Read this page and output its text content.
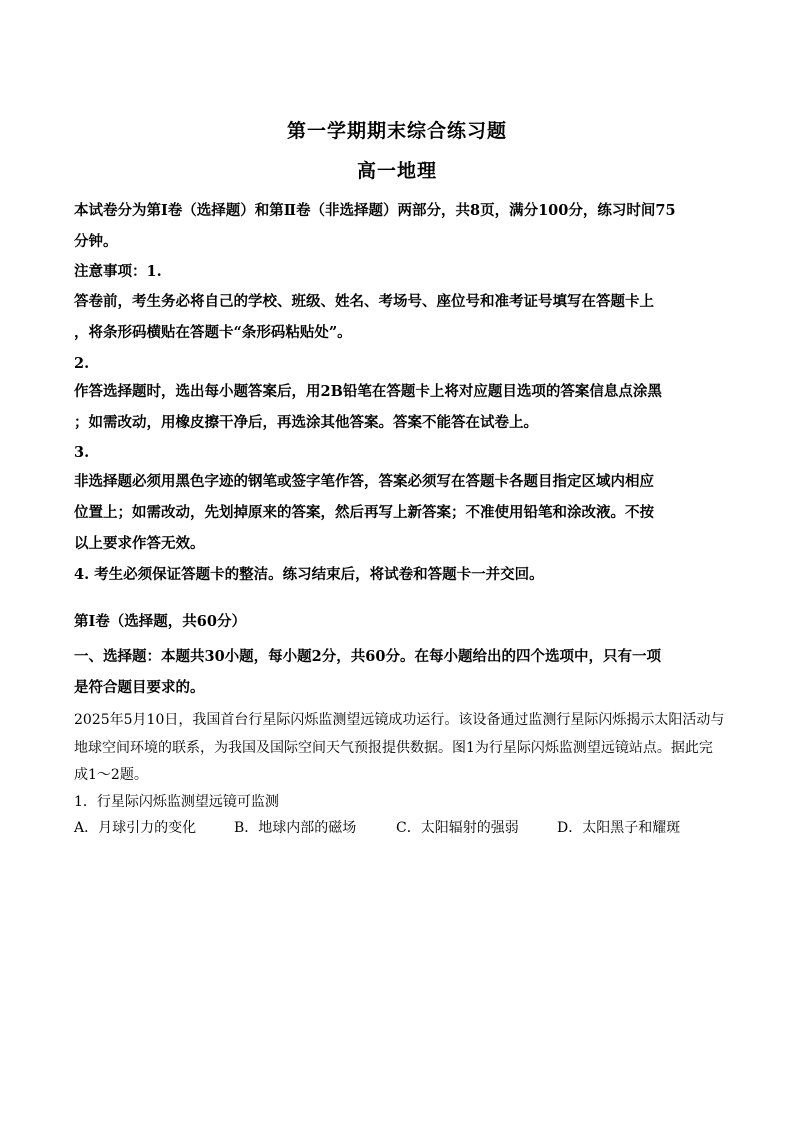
第一学期期末综合练习题
高一地理
本试卷分为第Ⅰ卷（选择题）和第Ⅱ卷（非选择题）两部分，共8页，满分100分，练习时间75
分钟。
注意事项：1.
答卷前，考生务必将自己的学校、班级、姓名、考场号、座位号和准考证号填写在答题卡上
，将条形码横贴在答题卡“条形码粘贴处”。
2.
作答选择题时，选出每小题答案后，用2B铅笔在答题卡上将对应题目选项的答案信息点涂黑
；如需改动，用橡皮擦干净后，再选涂其他答案。答案不能答在试卷上。
3.
非选择题必须用黑色字迹的钢笔或签字笔作答，答案必须写在答题卡各题目指定区域内相应
位置上；如需改动，先划掉原来的答案，然后再写上新答案；不准使用铅笔和涂改液。不按
以上要求作答无效。
4. 考生必须保证答题卡的整洁。练习结束后，将试卷和答题卡一并交回。
第Ⅰ卷（选择题，共60分）
一、选择题：本题共30小题，每小题2分，共60分。在每小题给出的四个选项中，只有一项
是符合题目要求的。
2025年5月10日，我国首台行星际闪烁监测望远镜成功运行。该设备通过监测行星际闪烁揭示太阳活动与
地球空间环境的联系，为我国及国际空间天气预报提供数据。图1为行星际闪烁监测望远镜站点。据此完
成1～2题。
1．行星际闪烁监测望远镜可监测
A．月球引力的变化	B．地球内部的磁场	C．太阳辐射的强弱	D．太阳黑子和耀斑
